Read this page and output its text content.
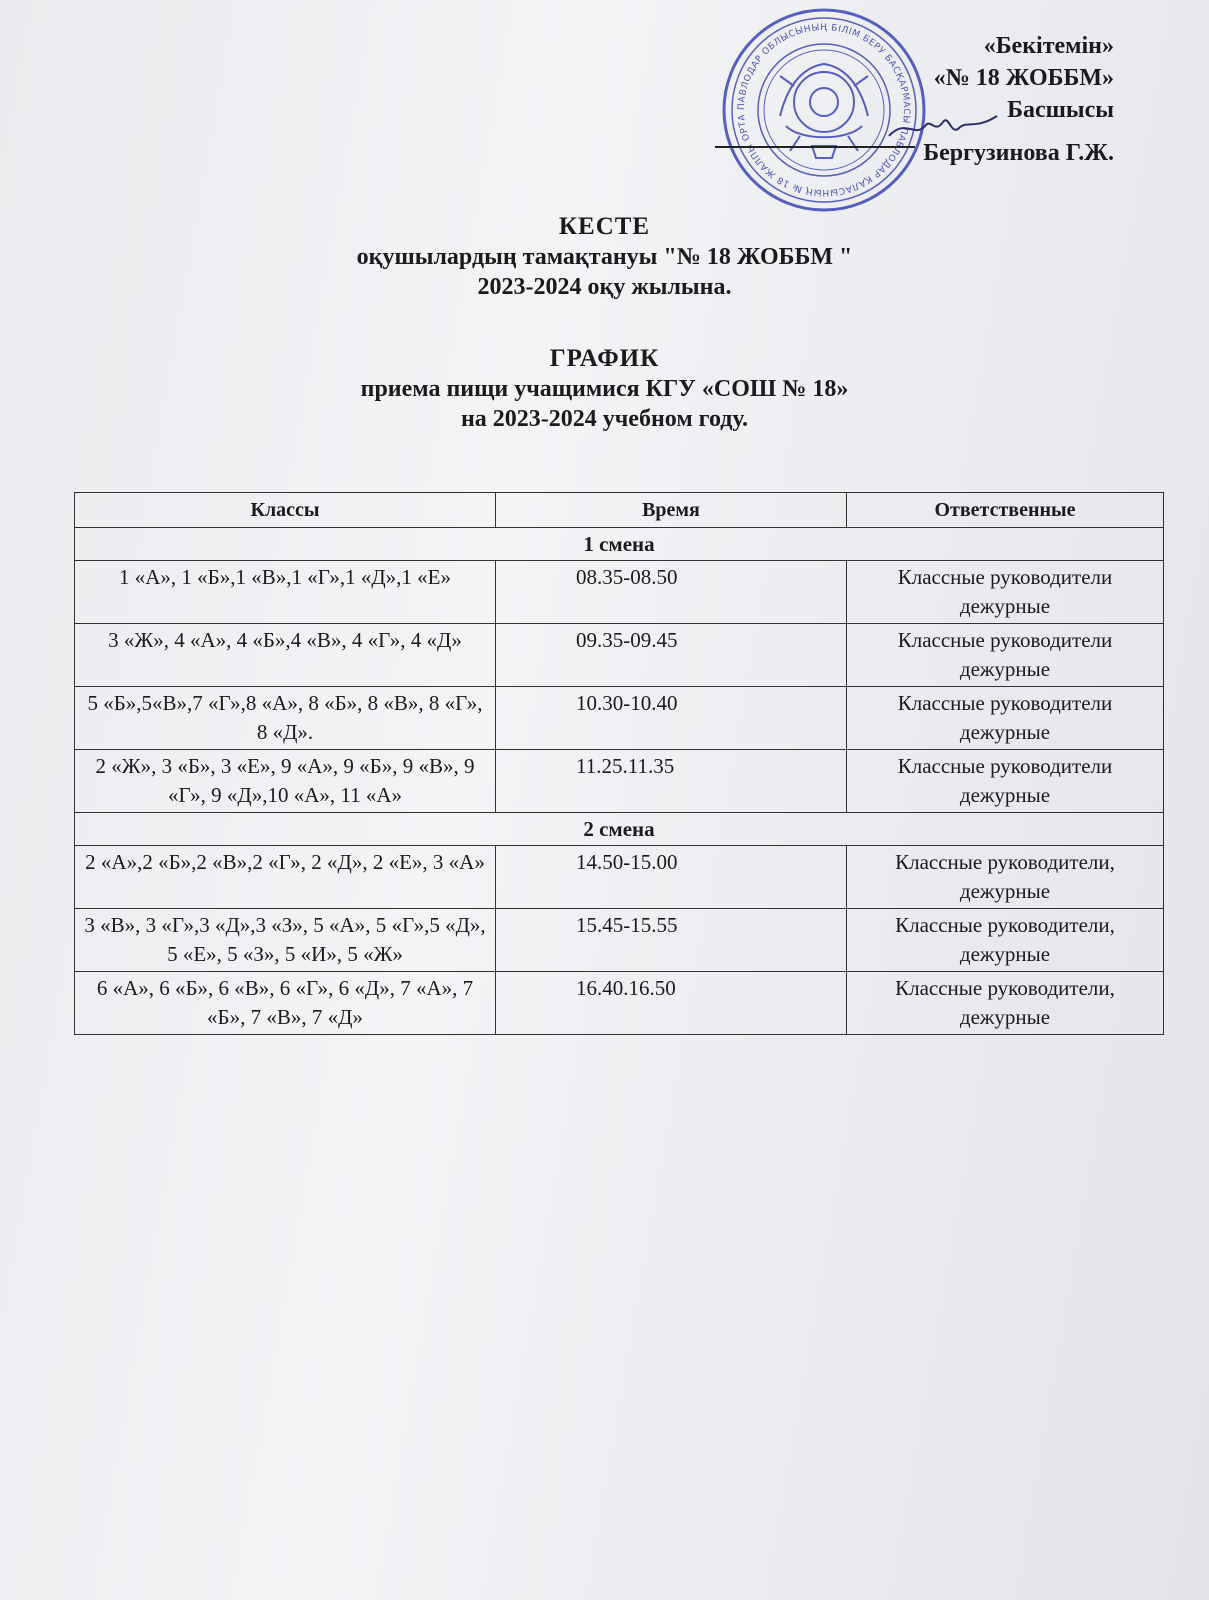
ПАВЛОДАР ОБЛЫСЫНЫҢ БІЛІМ БЕРУ БАСҚАРМАСЫ ПАВЛОДАР ҚАЛАСЫНЫҢ № 18 ЖАЛПЫ ОРТА
«Бекітемін»
«№ 18 ЖОББМ»
Басшысы
Бергузинова Г.Ж.
КЕСТЕ
оқушылардың тамақтануы "№ 18 ЖОББМ "
2023-2024 оқу жылына.
ГРАФИК
приема пищи учащимися КГУ «СОШ № 18»
на 2023-2024 учебном году.
Классы	Время	Ответственные
1 смена		
1 «А», 1 «Б»,1 «В»,1 «Г»,1 «Д»,1 «Е»	08.35-08.50	Классные руководители дежурные
3 «Ж», 4 «А», 4 «Б»,4 «В», 4 «Г», 4 «Д»	09.35-09.45	Классные руководители дежурные
5 «Б»,5«В»,7 «Г»,8 «А», 8 «Б», 8 «В», 8 «Г», 8 «Д».	10.30-10.40	Классные руководители дежурные
2 «Ж», 3 «Б», 3 «Е», 9 «А», 9 «Б», 9 «В», 9 «Г», 9 «Д»,10 «А», 11 «А»	11.25.11.35	Классные руководители дежурные
2 смена		
2 «А»,2 «Б»,2 «В»,2 «Г», 2 «Д», 2 «Е», 3 «А»	14.50-15.00	Классные руководители, дежурные
3 «В», 3 «Г»,3 «Д»,3 «З», 5 «А», 5 «Г»,5 «Д», 5 «Е», 5 «З», 5 «И», 5 «Ж»	15.45-15.55	Классные руководители, дежурные
6 «А», 6 «Б», 6 «В», 6 «Г», 6 «Д», 7 «А», 7 «Б», 7 «В», 7 «Д»	16.40.16.50	Классные руководители, дежурные
